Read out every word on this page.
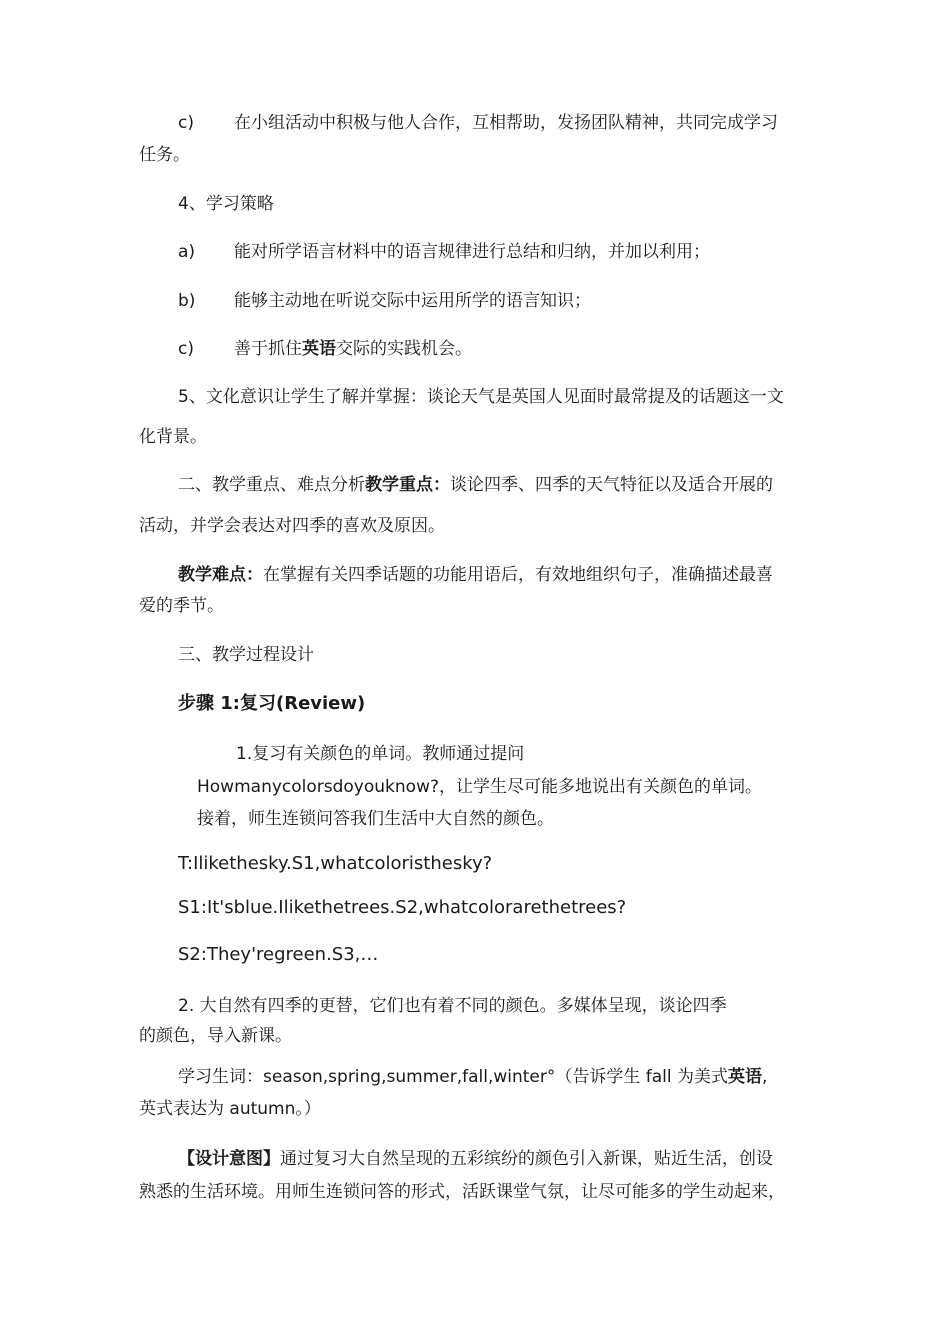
c) 在小组活动中积极与他人合作，互相帮助，发扬团队精神，共同完成学习
任务。
4、学习策略
a) 能对所学语言材料中的语言规律进行总结和归纳，并加以利用；
b) 能够主动地在听说交际中运用所学的语言知识；
c) 善于抓住英语交际的实践机会。
5、文化意识让学生了解并掌握：谈论天气是英国人见面时最常提及的话题这一文
化背景。
二、教学重点、难点分析教学重点：谈论四季、四季的天气特征以及适合开展的
活动，并学会表达对四季的喜欢及原因。
教学难点：在掌握有关四季话题的功能用语后，有效地组织句子，准确描述最喜
爱的季节。
三、教学过程设计
步骤 1:复习(Review)
1.复习有关颜色的单词。教师通过提问
Howmanycolorsdoyouknow?，让学生尽可能多地说出有关颜色的单词。
接着，师生连锁问答我们生活中大自然的颜色。
T:Ilikethesky.S1,whatcoloristhesky?
S1:It'sblue.Ilikethetrees.S2,whatcolorarethetrees?
S2:They'regreen.S3,…
2. 大自然有四季的更替，它们也有着不同的颜色。多媒体呈现，谈论四季
的颜色，导入新课。
学习生词：season,spring,summer,fall,winter°（告诉学生 fall 为美式英语,
英式表达为 autumn。）
【设计意图】通过复习大自然呈现的五彩缤纷的颜色引入新课，贴近生活，创设
熟悉的生活环境。用师生连锁问答的形式，活跃课堂气氛，让尽可能多的学生动起来，
